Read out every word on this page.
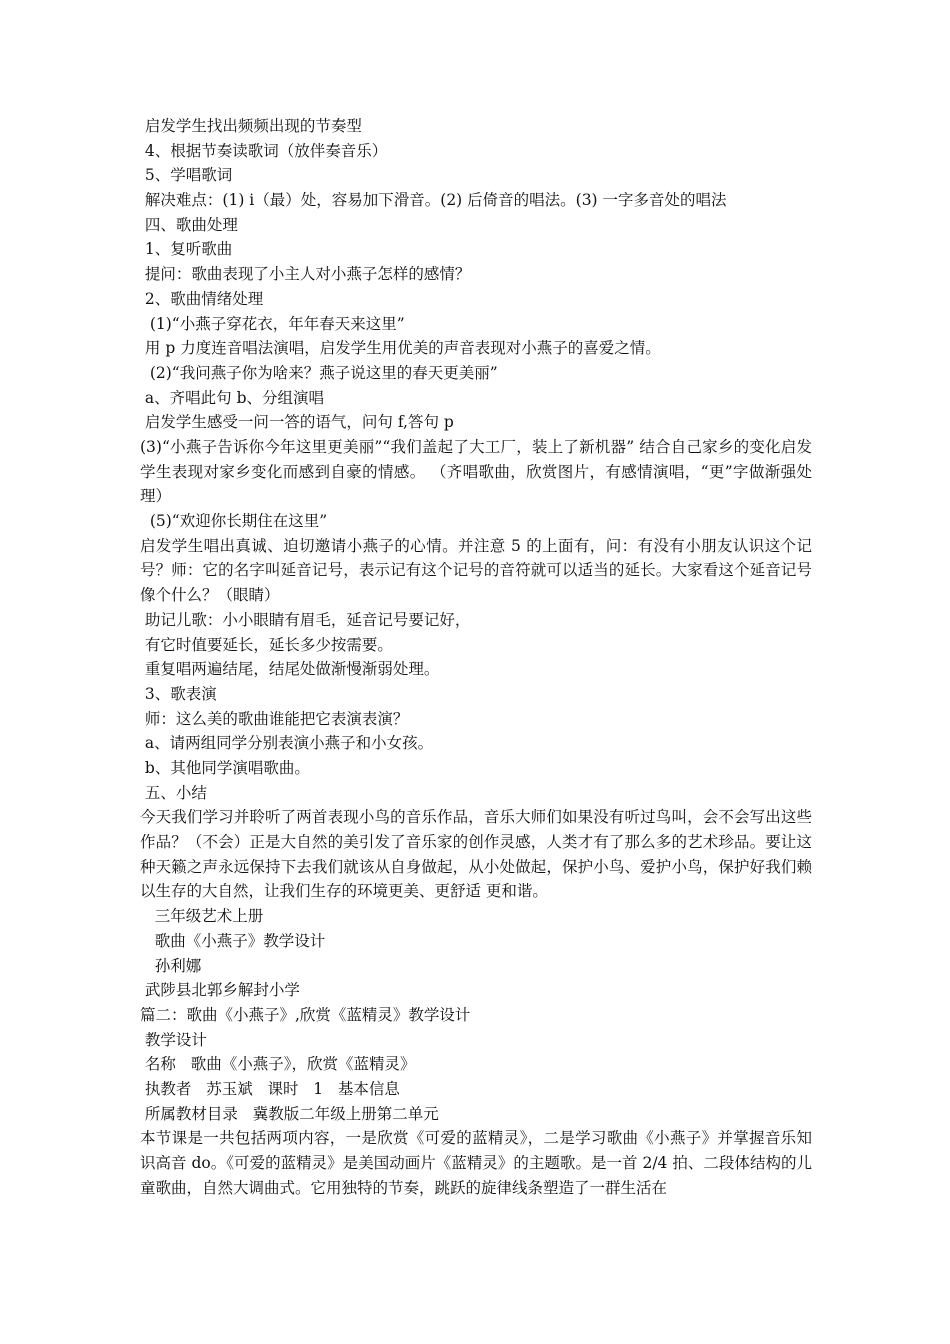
启发学生找出频频出现的节奏型
4、根据节奏读歌词（放伴奏音乐）
5、学唱歌词
解决难点：(1) i（最）处，容易加下滑音。(2) 后倚音的唱法。(3) 一字多音处的唱法
四、歌曲处理
1、复听歌曲
提问：歌曲表现了小主人对小燕子怎样的感情？
2、歌曲情绪处理
(1)“小燕子穿花衣，年年春天来这里”
用 p 力度连音唱法演唱，启发学生用优美的声音表现对小燕子的喜爱之情。
(2)“我问燕子你为啥来？燕子说这里的春天更美丽”
a、齐唱此句 b、分组演唱
启发学生感受一问一答的语气，问句 f,答句 p
(3)“小燕子告诉你今年这里更美丽”“我们盖起了大工厂，装上了新机器” 结合自己家乡的变化启发学生表现对家乡变化而感到自豪的情感。 （齐唱歌曲，欣赏图片，有感情演唱，“更”字做渐强处理）
(5)“欢迎你长期住在这里”
启发学生唱出真诚、迫切邀请小燕子的心情。并注意 5 的上面有，问：有没有小朋友认识这个记号？师：它的名字叫延音记号，表示记有这个记号的音符就可以适当的延长。大家看这个延音记号像个什么？（眼睛）
助记儿歌：小小眼睛有眉毛，延音记号要记好，
有它时值要延长，延长多少按需要。
重复唱两遍结尾，结尾处做渐慢渐弱处理。
3、歌表演
师：这么美的歌曲谁能把它表演表演？
a、请两组同学分别表演小燕子和小女孩。
b、其他同学演唱歌曲。
五、小结
今天我们学习并聆听了两首表现小鸟的音乐作品，音乐大师们如果没有听过鸟叫，会不会写出这些作品？（不会）正是大自然的美引发了音乐家的创作灵感，人类才有了那么多的艺术珍品。要让这种天籁之声永远保持下去我们就该从自身做起，从小处做起，保护小鸟、爱护小鸟，保护好我们赖以生存的大自然，让我们生存的环境更美、更舒适 更和谐。
三年级艺术上册
歌曲《小燕子》教学设计
孙利娜
武陟县北郭乡解封小学
篇二：歌曲《小燕子》,欣赏《蓝精灵》教学设计
教学设计
名称   歌曲《小燕子》，欣赏《蓝精灵》
执教者   苏玉斌   课时   1   基本信息
所属教材目录   冀教版二年级上册第二单元
本节课是一共包括两项内容，一是欣赏《可爱的蓝精灵》，二是学习歌曲《小燕子》并掌握音乐知识高音 do。《可爱的蓝精灵》是美国动画片《蓝精灵》的主题歌。是一首 2/4 拍、二段体结构的儿童歌曲，自然大调曲式。它用独特的节奏，跳跃的旋律线条塑造了一群生活在
